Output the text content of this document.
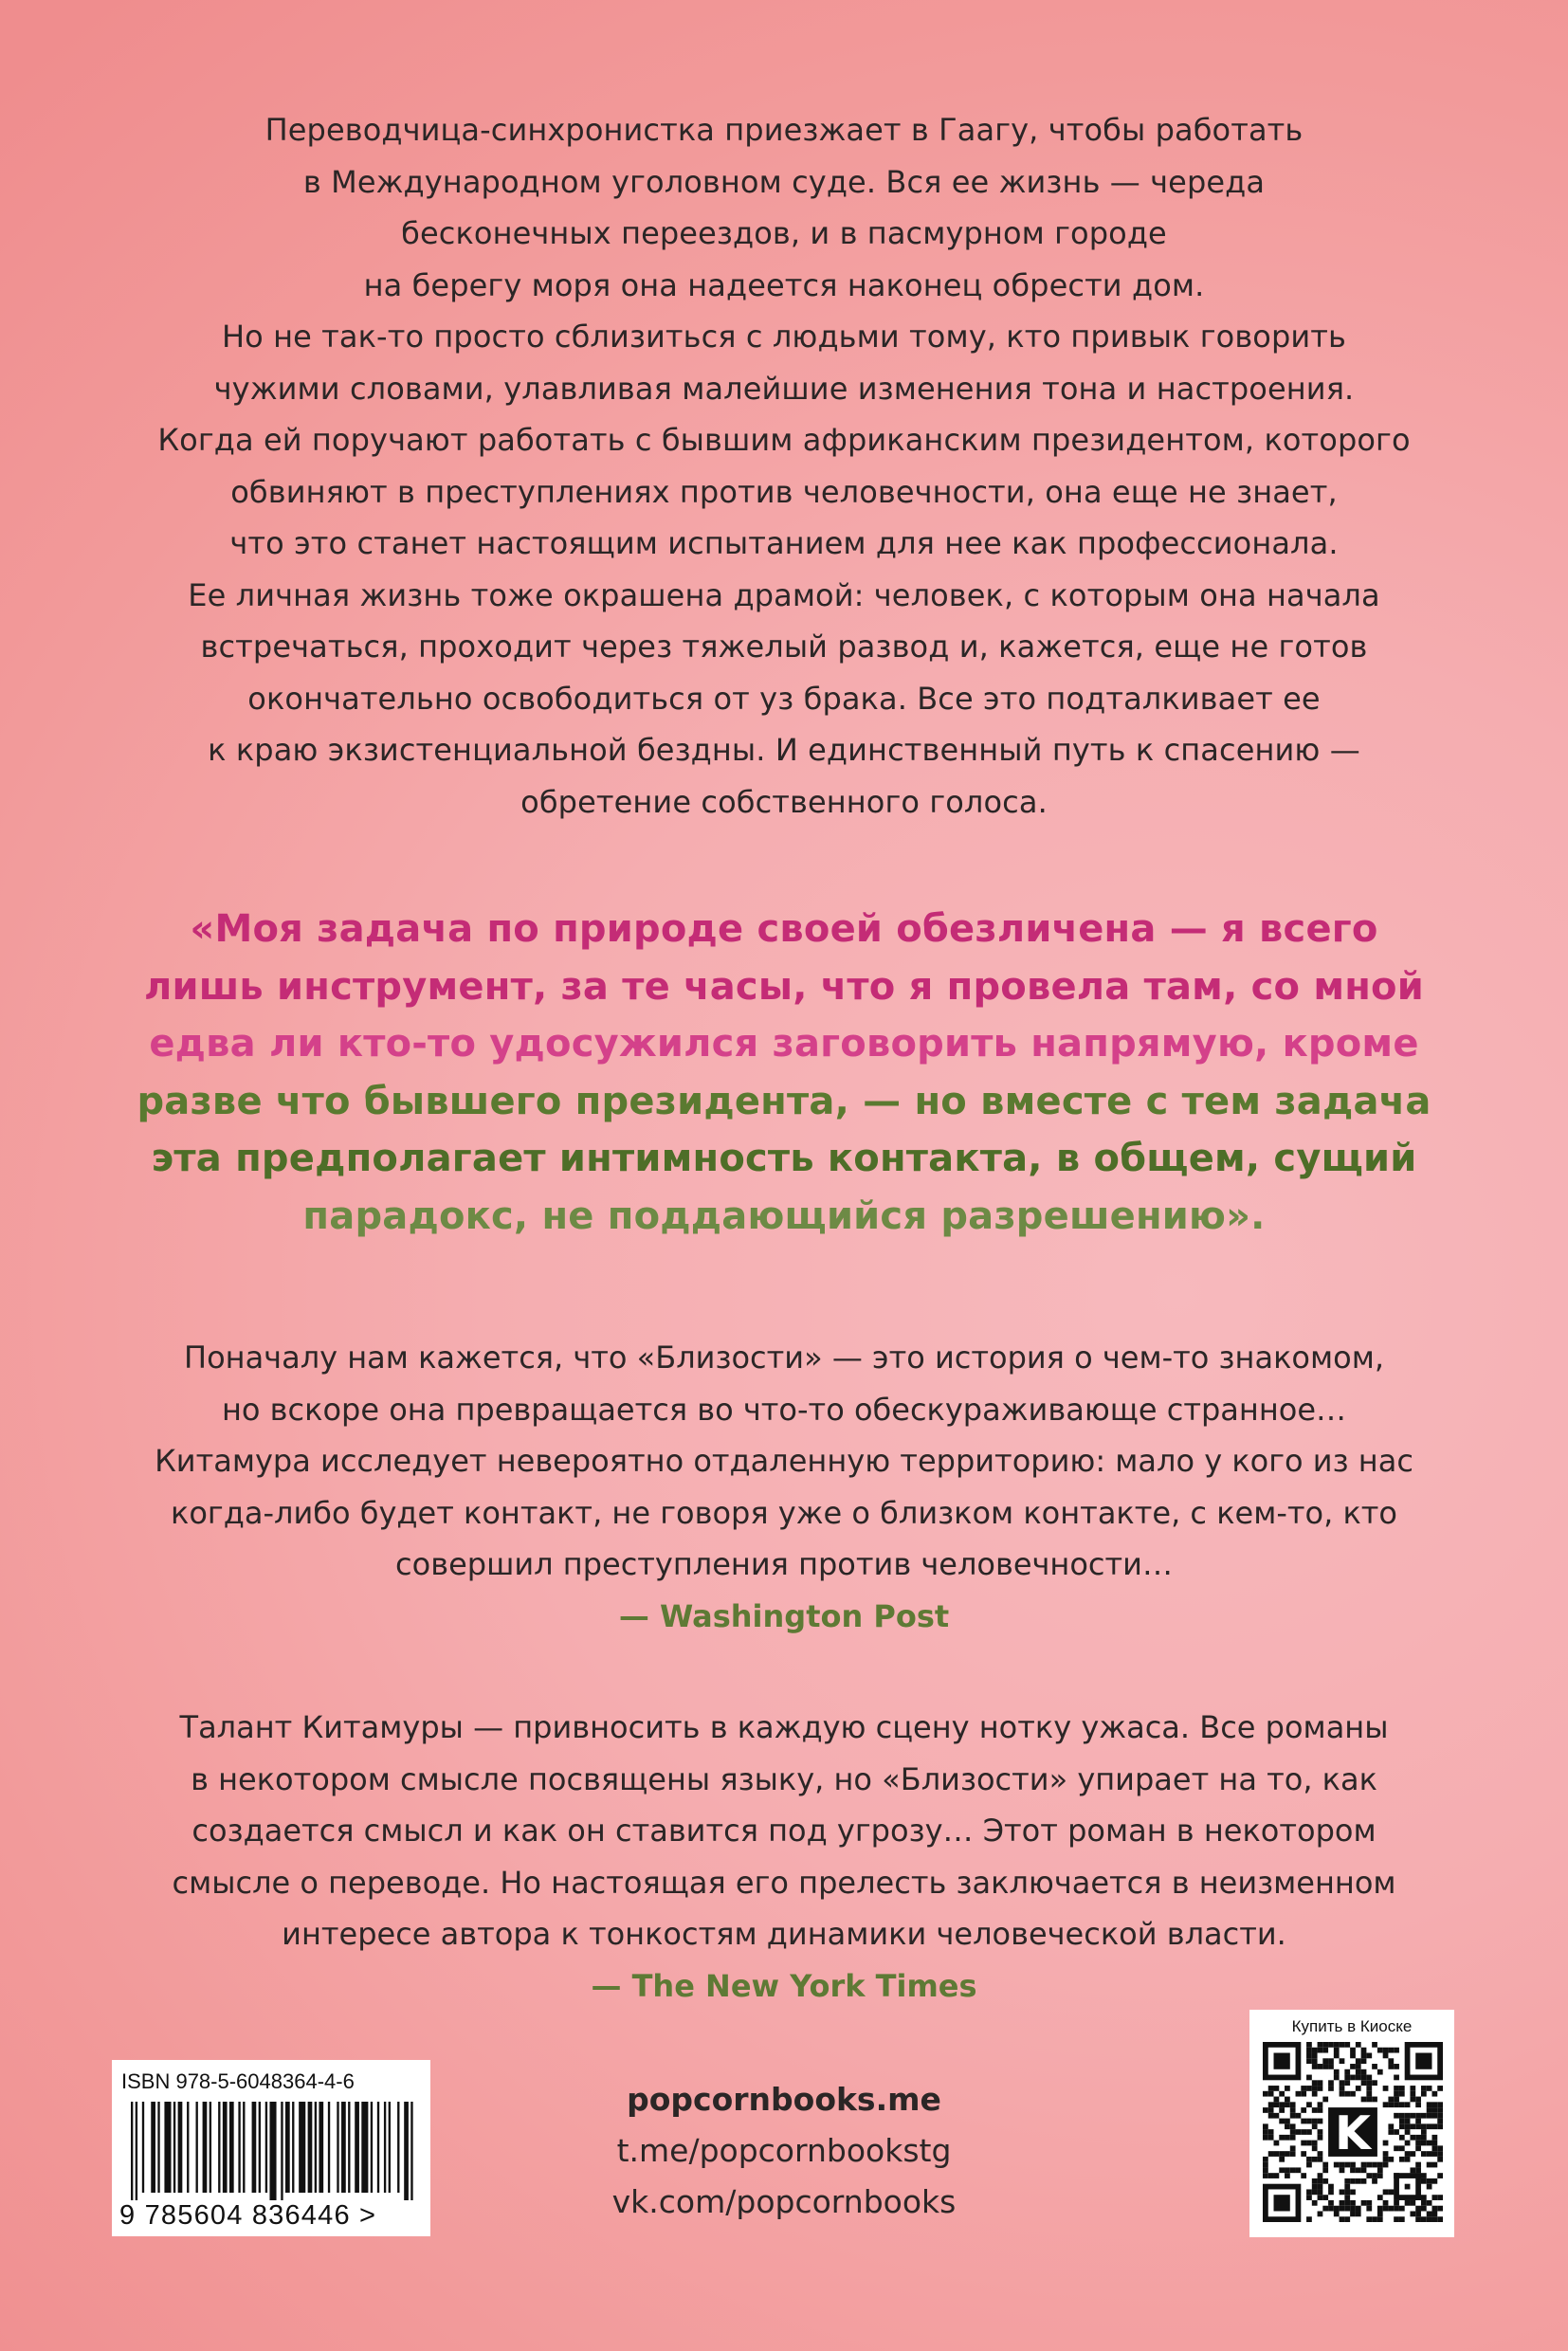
Переводчица-синхронистка приезжает в Гаагу, чтобы работать
в Международном уголовном суде. Вся ее жизнь — череда
бесконечных переездов, и в пасмурном городе
на берегу моря она надеется наконец обрести дом.
Но не так-то просто сблизиться с людьми тому, кто привык говорить
чужими словами, улавливая малейшие изменения тона и настроения.
Когда ей поручают работать с бывшим африканским президентом, которого
обвиняют в преступлениях против человечности, она еще не знает,
что это станет настоящим испытанием для нее как профессионала.
Ее личная жизнь тоже окрашена драмой: человек, с которым она начала
встречаться, проходит через тяжелый развод и, кажется, еще не готов
окончательно освободиться от уз брака. Все это подталкивает ее
к краю экзистенциальной бездны. И единственный путь к спасению —
обретение собственного голоса.
«Моя задача по природе своей обезличена — я всего
лишь инструмент, за те часы, что я провела там, со мной
едва ли кто-то удосужился заговорить напрямую, кроме
разве что бывшего президента, — но вместе с тем задача
эта предполагает интимность контакта, в общем, сущий
парадокс, не поддающийся разрешению».
Поначалу нам кажется, что «Близости» — это история о чем-то знакомом,
но вскоре она превращается во что-то обескураживающе странное…
Китамура исследует невероятно отдаленную территорию: мало у кого из нас
когда-либо будет контакт, не говоря уже о близком контакте, с кем-то, кто
совершил преступления против человечности…
— Washington Post
Талант Китамуры — привносить в каждую сцену нотку ужаса. Все романы
в некотором смысле посвящены языку, но «Близости» упирает на то, как
создается смысл и как он ставится под угрозу… Этот роман в некотором
смысле о переводе. Но настоящая его прелесть заключается в неизменном
интересе автора к тонкостям динамики человеческой власти.
— The New York Times
ISBN 978-5-6048364-4-6
9 785604 836446 >
popcornbooks.me
t.me/popcornbookstg
vk.com/popcornbooks
Купить в Киоске
K
